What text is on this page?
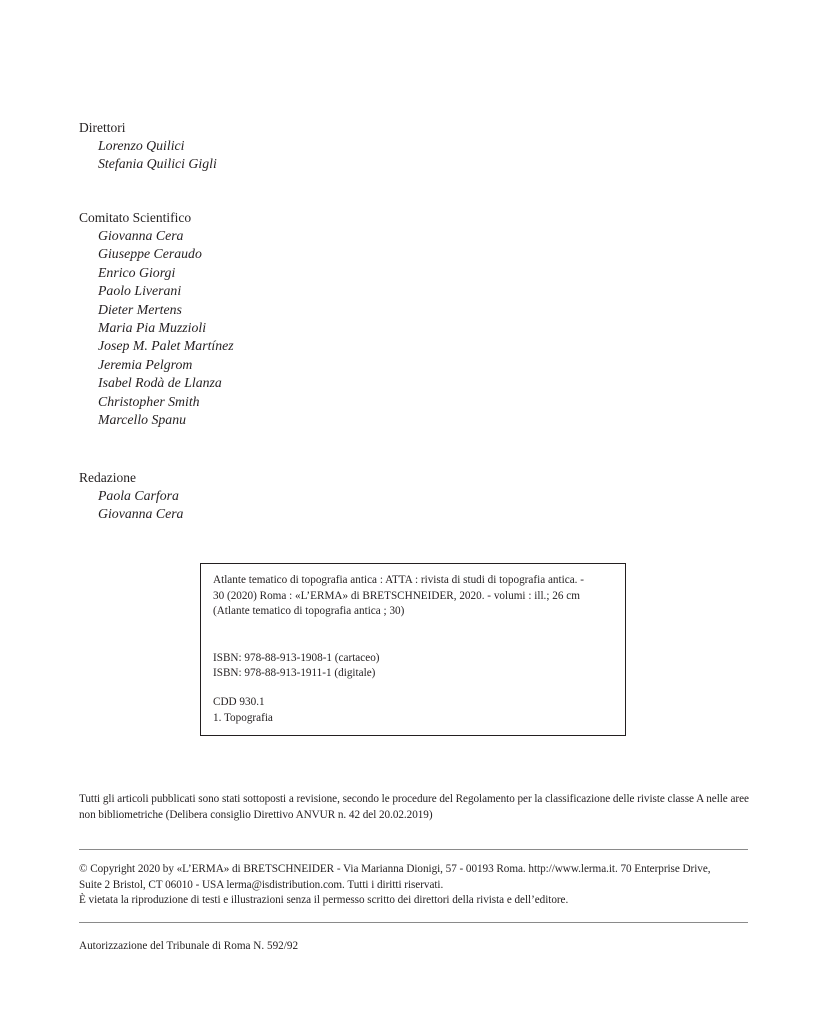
Direttori

Lorenzo Quilici
Stefania Quilici Gigli

Comitato Scientifico

Giovanna Cera
Giuseppe Ceraudo
Enrico Giorgi
Paolo Liverani
Dieter Mertens
Maria Pia Muzzioli
Josep M. Palet Martínez
Jeremia Pelgrom
Isabel Rodà de Llanza
Christopher Smith
Marcello Spanu

Redazione

Paola Carfora
Giovanna Cera

Atlante tematico di topografia antica : ATTA : rivista di studi di topografia antica. -

30 (2020) Roma : «L’ERMA» di BRETSCHNEIDER, 2020. - volumi : ill.; 26 cm

(Atlante tematico di topografia antica ; 30)

ISBN: 978-88-913-1908-1 (cartaceo)

ISBN: 978-88-913-1911-1 (digitale)

CDD 930.1

1. Topografia

Tutti gli articoli pubblicati sono stati sottoposti a revisione, secondo le procedure del Regolamento per la classificazione delle riviste classe A nelle aree non bibliometriche (Delibera consiglio Direttivo ANVUR n. 42 del 20.02.2019)

© Copyright 2020 by «L’ERMA» di BRETSCHNEIDER - Via Marianna Dionigi, 57 - 00193 Roma. http://www.lerma.it. 70 Enterprise Drive,
Suite 2 Bristol, CT 06010 - USA lerma@isdistribution.com. Tutti i diritti riservati.
È vietata la riproduzione di testi e illustrazioni senza il permesso scritto dei direttori della rivista e dell’editore.

Autorizzazione del Tribunale di Roma N. 592/92
